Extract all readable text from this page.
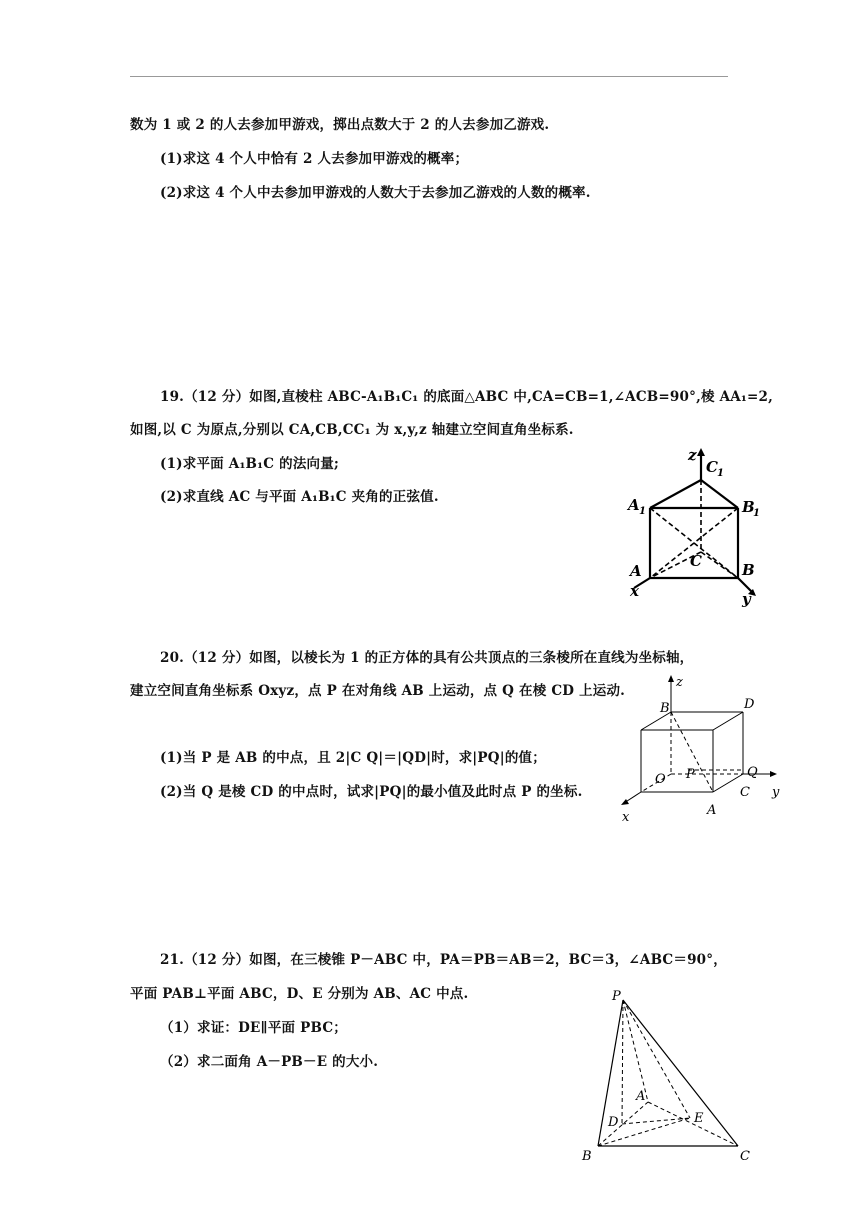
数为 1 或 2 的人去参加甲游戏，掷出点数大于 2 的人去参加乙游戏.
(1)求这 4 个人中恰有 2 人去参加甲游戏的概率；
(2)求这 4 个人中去参加甲游戏的人数大于去参加乙游戏的人数的概率.
19.（12 分）如图,直棱柱 ABC-A₁B₁C₁ 的底面△ABC 中,CA=CB=1,∠ACB=90°,棱 AA₁=2,
如图,以 C 为原点,分别以 CA,CB,CC₁ 为 x,y,z 轴建立空间直角坐标系.
(1)求平面 A₁B₁C 的法向量;
(2)求直线 AC 与平面 A₁B₁C 夹角的正弦值.
z
C 1
A 1	B
1
C
A	B
x	y
20.（12 分）如图，以棱长为 1 的正方体的具有公共顶点的三条棱所在直线为坐标轴，
建立空间直角坐标系 Oxyz，点 P 在对角线 AB 上运动，点 Q 在棱 CD 上运动.
(1)当 P 是 AB 的中点，且 2|C Q|＝|QD|时，求|PQ|的值；
(2)当 Q 是棱 CD 的中点时，试求|PQ|的最小值及此时点 P 的坐标.
z
B	D
O P	Q
C
A
y
x
21.（12 分）如图，在三棱锥 P－ABC 中，PA＝PB＝AB＝2，BC＝3，∠ABC＝90°，
平面 PAB⊥平面 ABC，D、E 分别为 AB、AC 中点.
（1）求证：DE∥平面 PBC；
（2）求二面角 A－PB－E 的大小.
P
A
D	E
B	C
